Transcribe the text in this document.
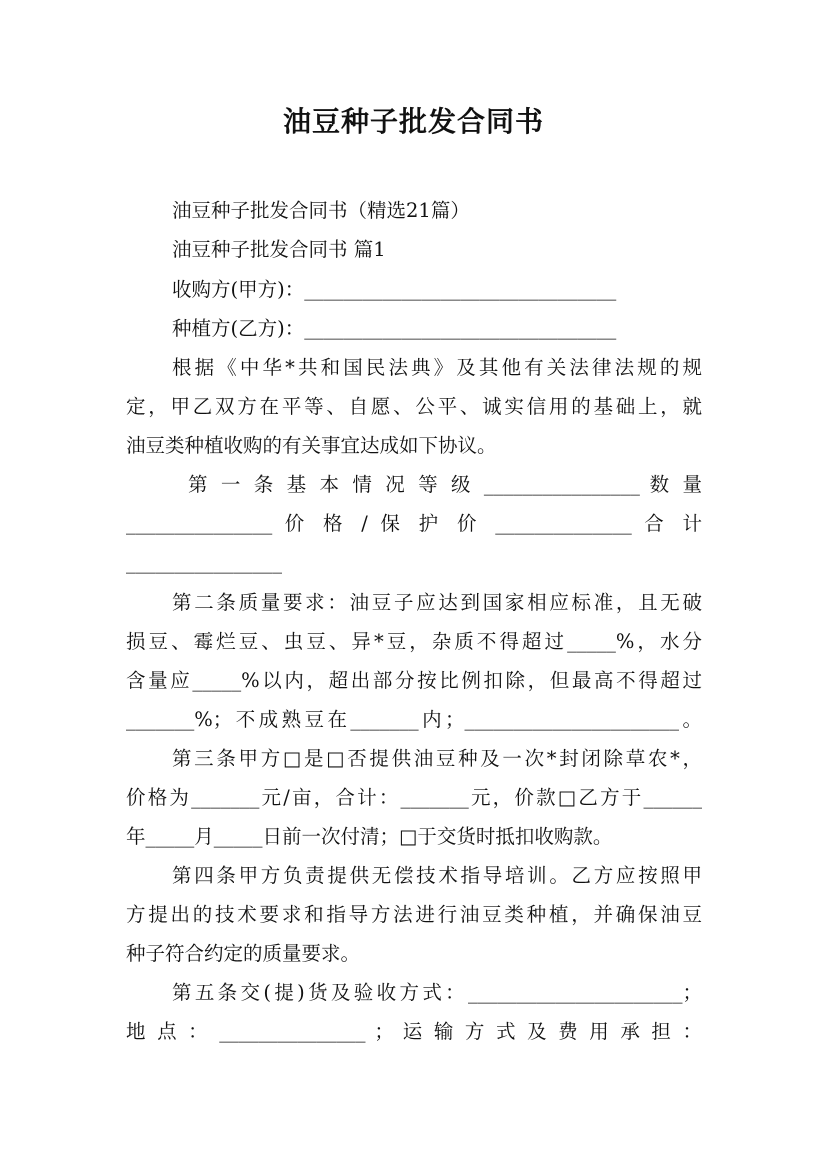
油豆种子批发合同书
油豆种子批发合同书（精选21篇）
油豆种子批发合同书 篇1
收购方(甲方)：________________________________
种植方(乙方)：________________________________
根据《中华*共和国民法典》及其他有关法律法规的规
定，甲乙双方在平等、自愿、公平、诚实信用的基础上，就
油豆类种植收购的有关事宜达成如下协议。
第 一 条 基 本 情 况 等 级 ________________ 数 量
_______________ 价 格 / 保 护 价 ______________ 合 计
________________
第二条质量要求：油豆子应达到国家相应标准，且无破
损豆、霉烂豆、虫豆、异*豆，杂质不得超过_____%，水分
含量应_____%以内，超出部分按比例扣除，但最高不得超过
_______%；不成熟豆在_______内；______________________。
第三条甲方□是□否提供油豆种及一次*封闭除草农*，
价格为_______元/亩，合计：_______元，价款□乙方于______
年_____月_____日前一次付清；□于交货时抵扣收购款。
第四条甲方负责提供无偿技术指导培训。乙方应按照甲
方提出的技术要求和指导方法进行油豆类种植，并确保油豆
种子符合约定的质量要求。
第五条交(提)货及验收方式：______________________；
地 点 ： _______________ ； 运 输 方 式 及 费 用 承 担 ：
